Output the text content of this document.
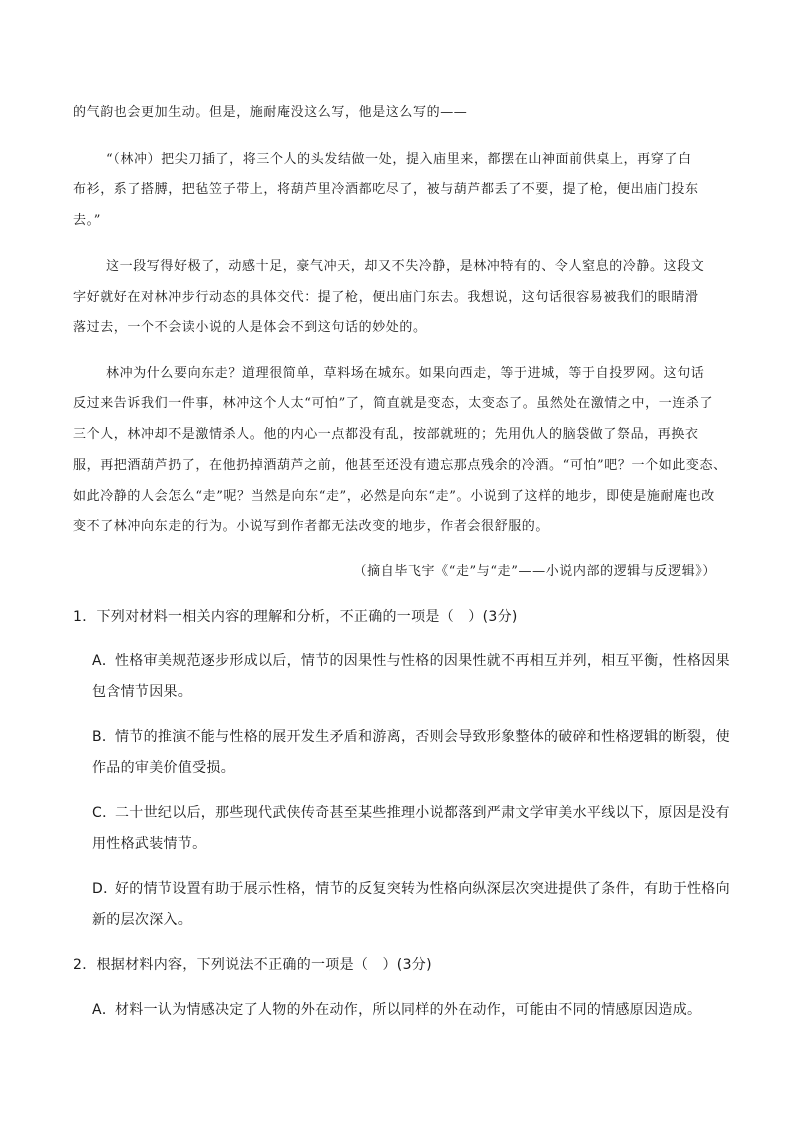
的气韵也会更加生动。但是，施耐庵没这么写，他是这么写的——
“（林冲）把尖刀插了，将三个人的头发结做一处，提入庙里来，都摆在山神面前供桌上，再穿了白
布衫，系了搭膊，把毡笠子带上，将葫芦里冷酒都吃尽了，被与葫芦都丢了不要，提了枪，便出庙门投东
去。”
这一段写得好极了，动感十足，豪气冲天，却又不失冷静，是林冲特有的、令人窒息的冷静。这段文
字好就好在对林冲步行动态的具体交代：提了枪，便出庙门东去。我想说，这句话很容易被我们的眼睛滑
落过去，一个不会读小说的人是体会不到这句话的妙处的。
林冲为什么要向东走？道理很简单，草料场在城东。如果向西走，等于进城，等于自投罗网。这句话
反过来告诉我们一件事，林冲这个人太“可怕”了，简直就是变态，太变态了。虽然处在激情之中，一连杀了
三个人，林冲却不是激情杀人。他的内心一点都没有乱，按部就班的；先用仇人的脑袋做了祭品，再换衣
服，再把酒葫芦扔了，在他扔掉酒葫芦之前，他甚至还没有遗忘那点残余的冷酒。“可怕”吧？一个如此变态、
如此冷静的人会怎么“走”呢？当然是向东“走”，必然是向东“走”。小说到了这样的地步，即使是施耐庵也改
变不了林冲向东走的行为。小说写到作者都无法改变的地步，作者会很舒服的。
（摘自毕飞宇《“走”与“走”——小说内部的逻辑与反逻辑》）
1．下列对材料一相关内容的理解和分析，不正确的一项是（　）(3分)
A．
性格审美规范逐步形成以后，情节的因果性与性格的因果性就不再相互并列，相互平衡，性格因果
包含情节因果。
B．
情节的推演不能与性格的展开发生矛盾和游离，否则会导致形象整体的破碎和性格逻辑的断裂，使
作品的审美价值受损。
C．
二十世纪以后，那些现代武侠传奇甚至某些推理小说都落到严肃文学审美水平线以下，原因是没有
用性格武装情节。
D．
好的情节设置有助于展示性格，情节的反复突转为性格向纵深层次突进提供了条件，有助于性格向
新的层次深入。
2．根据材料内容，下列说法不正确的一项是（　）(3分)
A．
材料一认为情感决定了人物的外在动作，所以同样的外在动作，可能由不同的情感原因造成。
